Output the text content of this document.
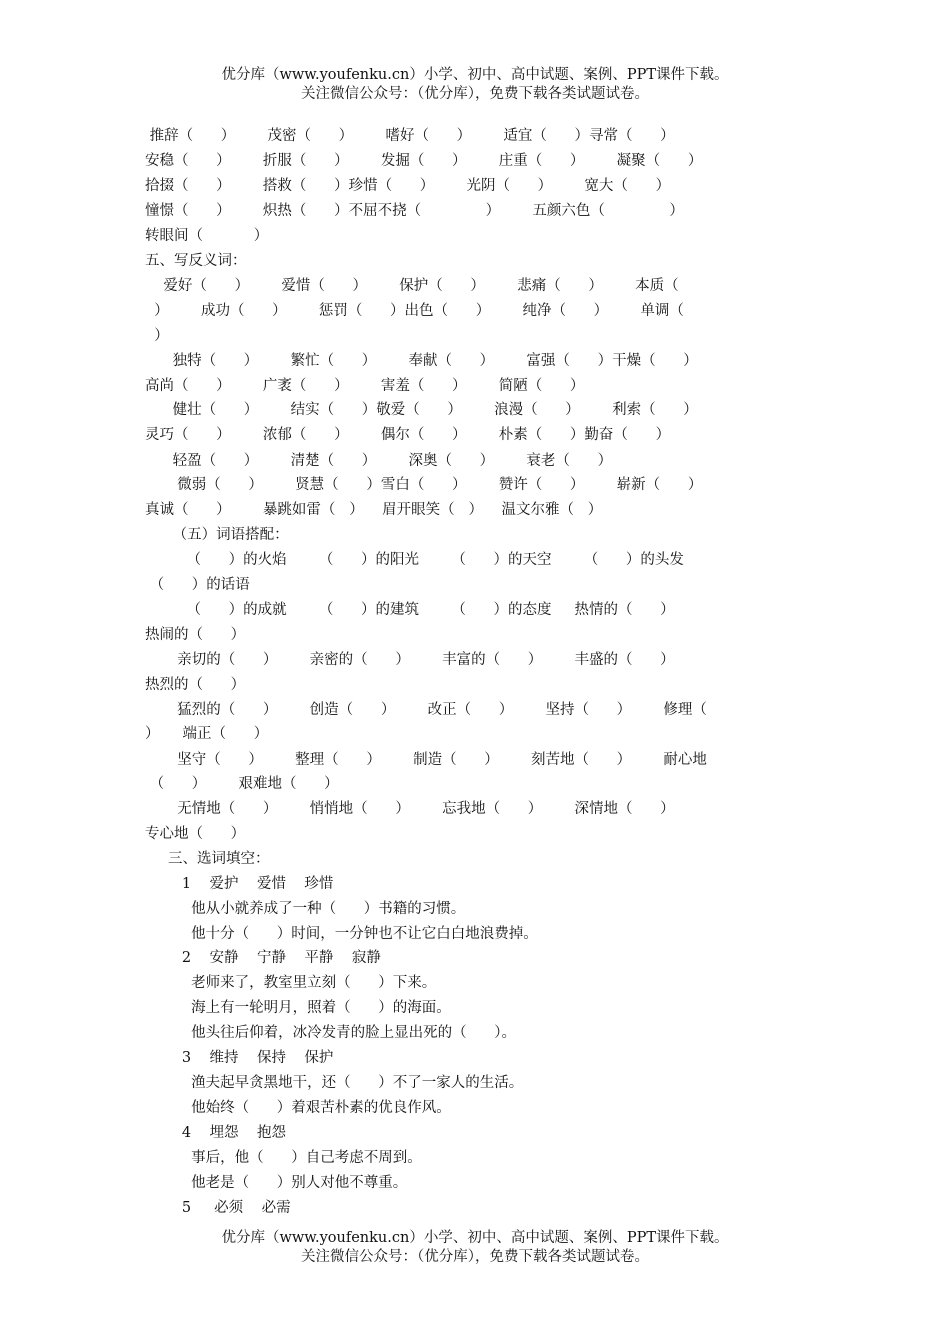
优分库（www.youfenku.cn）小学、初中、高中试题、案例、PPT课件下载。
关注微信公众号：（优分库），免费下载各类试题试卷。
推辞（      ）       茂密（      ）       嗜好（      ）       适宜（      ）寻常（      ）
安稳（      ）       折服（      ）       发掘（      ）       庄重（      ）       凝聚（      ）
拾掇（      ）       搭救（      ）珍惜（      ）       光阴（      ）       宽大（      ）
憧憬（      ）       炽热（      ）不屈不挠（              ）       五颜六色（              ）
转眼间（           ）
五、写反义词：
爱好（      ）       爱惜（      ）       保护（      ）       悲痛（      ）       本质（
）       成功（      ）       惩罚（      ）出色（      ）       纯净（      ）       单调（
）
独特（      ）       繁忙（      ）       奉献（      ）       富强（      ）干燥（      ）
高尚（      ）       广袤（      ）       害羞（      ）       简陋（      ）
健壮（      ）       结实（      ）敬爱（      ）       浪漫（      ）       利索（      ）
灵巧（      ）       浓郁（      ）       偶尔（      ）       朴素（      ）勤奋（      ）
轻盈（      ）       清楚（      ）       深奥（      ）       衰老（      ）
微弱（      ）       贤慧（      ）雪白（      ）       赞许（      ）       崭新（      ）
真诚（      ）       暴跳如雷（   ）    眉开眼笑（   ）    温文尔雅（   ）
（五）词语搭配：
（      ）的火焰       （      ）的阳光       （      ）的天空       （      ）的头发
（      ）的话语
（      ）的成就       （      ）的建筑       （      ）的态度     热情的（      ）
热闹的（      ）
亲切的（      ）       亲密的（      ）       丰富的（      ）       丰盛的（      ）
热烈的（      ）
猛烈的（      ）       创造（      ）       改正（      ）       坚持（      ）       修理（
）     端正（      ）
坚守（      ）       整理（      ）       制造（      ）       刻苦地（      ）       耐心地
（      ）       艰难地（      ）
无情地（      ）       悄悄地（      ）       忘我地（      ）       深情地（      ）
专心地（      ）
三、选词填空：
1    爱护    爱惜    珍惜
他从小就养成了一种（      ）书籍的习惯。
他十分（      ）时间，一分钟也不让它白白地浪费掉。
2    安静    宁静    平静    寂静
老师来了，教室里立刻（      ）下来。
海上有一轮明月，照着（      ）的海面。
他头往后仰着，冰冷发青的脸上显出死的（      ）。
3    维持    保持    保护
渔夫起早贪黑地干，还（      ）不了一家人的生活。
他始终（      ）着艰苦朴素的优良作风。
4    埋怨    抱怨
事后，他（      ）自己考虑不周到。
他老是（      ）别人对他不尊重。
5     必须    必需
优分库（www.youfenku.cn）小学、初中、高中试题、案例、PPT课件下载。
关注微信公众号：（优分库），免费下载各类试题试卷。
